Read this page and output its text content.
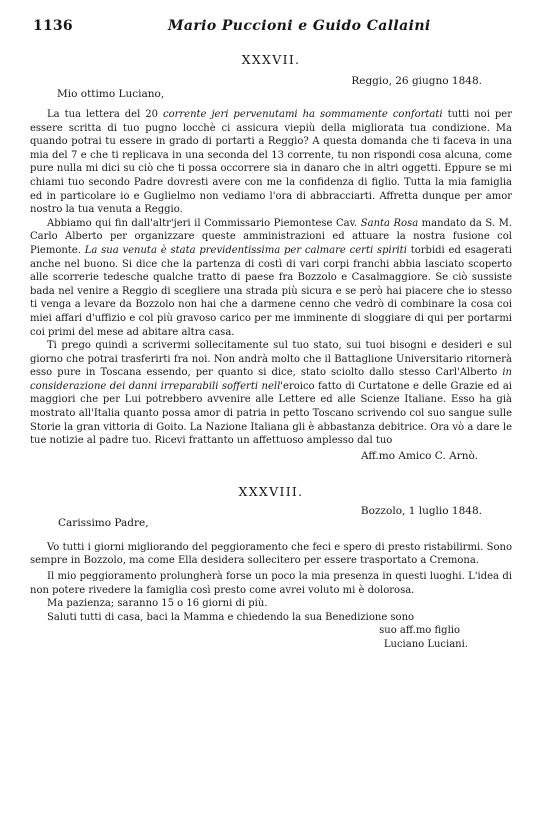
1136	Mario Puccioni e Guido Callaini

XXXVII.

Reggio, 26 giugno 1848.

Mio ottimo Luciano,

La tua lettera del 20 corrente jeri pervenutami ha sommamente confortati tutti noi per essere scritta di tuo pugno locchè ci assicura viepiù della migliorata tua condizione. Ma quando potrai tu essere in grado di portarti a Reggio? A questa domanda che ti faceva in una mia del 7 e che ti replicava in una seconda del 13 corrente, tu non rispondi cosa alcuna, come pure nulla mi dici su ciò che ti possa occorrere sia in danaro che in altri oggetti. Eppure se mi chiami tuo secondo Padre dovresti avere con me la confidenza di figlio. Tutta la mia famiglia ed in particolare io e Guglielmo non vediamo l'ora di abbracciarti. Affretta dunque per amor nostro la tua venuta a Reggio.

Abbiamo qui fin dall'altr'jeri il Commissario Piemontese Cav. Santa Rosa mandato da S. M. Carlo Alberto per organizzare queste amministrazioni ed attuare la nostra fusione col Piemonte. La sua venuta è stata previdentissima per calmare certi spiriti torbidi ed esagerati anche nel buono. Si dice che la partenza di costì di vari corpi franchi abbia lasciato scoperto alle scorrerie tedesche qualche tratto di paese fra Bozzolo e Casalmaggiore. Se ciò sussiste bada nel venire a Reggio di scegliere una strada più sicura e se però hai piacere che io stesso ti venga a levare da Bozzolo non hai che a darmene cenno che vedrò di combinare la cosa coi miei affari d'uffizio e col più gravoso carico per me imminente di sloggiare di qui per portarmi coi primi del mese ad abitare altra casa.

Ti prego quindi a scrivermi sollecitamente sul tuo stato, sui tuoi bisogni e desideri e sul giorno che potrai trasferirti fra noi. Non andrà molto che il Battaglione Universitario ritornerà esso pure in Toscana essendo, per quanto si dice, stato sciolto dallo stesso Carl'Alberto in considerazione dei danni irreparabili sofferti nell'eroico fatto di Curtatone e delle Grazie ed ai maggiori che per Lui potrebbero avvenire alle Lettere ed alle Scienze Italiane. Esso ha già mostrato all'Italia quanto possa amor di patria in petto Toscano scrivendo col suo sangue sulle Storie la gran vittoria di Goito. La Nazione Italiana gli è abbastanza debitrice. Ora vò a dare le tue notizie al padre tuo. Ricevi frattanto un affettuoso amplesso dal tuo

Aff.mo Amico C. Arnò.

XXXVIII.

Bozzolo, 1 luglio 1848.

Carissimo Padre,

Vo tutti i giorni migliorando del peggioramento che feci e spero di presto ristabilirmi. Sono sempre in Bozzolo, ma come Ella desidera sollecitero per essere trasportato a Cremona.

Il mio peggioramento prolungherà forse un poco la mia presenza in questi luoghi. L'idea di non potere rivedere la famiglia così presto come avrei voluto mi è dolorosa.

Ma pazienza; saranno 15 o 16 giorni di più.

Saluti tutti di casa, baci la Mamma e chiedendo la sua Benedizione sono

suo aff.mo figlio

Luciano Luciani.
